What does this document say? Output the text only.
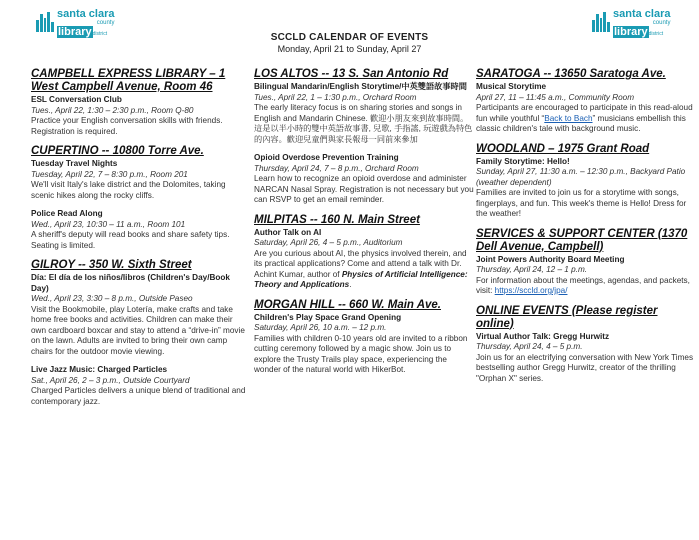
santa clara
county
librarydistrict
santa clara
county
librarydistrict
SCCLD CALENDAR OF EVENTS
Monday, April 21 to Sunday, April 27
CAMPBELL EXPRESS LIBRARY – 1 West Campbell Avenue, Room 46
ESL Conversation Club
Tues., April 22, 1:30 – 2:30 p.m., Room Q-80
Practice your English conversation skills with friends. Registration is required.
CUPERTINO -- 10800 Torre Ave.
Tuesday Travel Nights
Tuesday, April 22, 7 – 8:30 p.m., Room 201
We'll visit Italy's lake district and the Dolomites, taking scenic hikes along the rocky cliffs.
Police Read Along
Wed., April 23, 10:30 – 11 a.m., Room 101
A sheriff's deputy will read books and share safety tips. Seating is limited.
GILROY -- 350 W. Sixth Street
Día: El día de los niños/libros (Children's Day/Book Day)
Wed., April 23, 3:30 – 8 p.m., Outside Paseo
Visit the Bookmobile, play Lotería, make crafts and take home free books and activities. Children can make their own cardboard boxcar and stay to attend a “drive-in” movie on the lawn. Adults are invited to bring their own camp chairs for the outdoor movie viewing.
Live Jazz Music: Charged Particles
Sat., April 26, 2 – 3 p.m., Outside Courtyard
Charged Particles delivers a unique blend of traditional and contemporary jazz.
LOS ALTOS -- 13 S. San Antonio Rd
Bilingual Mandarin/English Storytime/中英雙語故事時間
Tues., April 22, 1 – 1:30 p.m., Orchard Room
The early literacy focus is on sharing stories and songs in English and Mandarin Chinese. 歡迎小朋友來到故事時間。這是以半小時的雙中英語故事書, 兒歌, 手指謠, 玩遊戲為特色的內容。歡迎兒童們與家長報母一同前來參加
Opioid Overdose Prevention Training
Thursday, April 24, 7 – 8 p.m., Orchard Room
Learn how to recognize an opioid overdose and administer NARCAN Nasal Spray. Registration is not necessary but you can RSVP to get an email reminder.
MILPITAS -- 160 N. Main Street
Author Talk on AI
Saturday, April 26, 4 – 5 p.m., Auditorium
Are you curious about AI, the physics involved therein, and its practical applications? Come and attend a talk with Dr. Achint Kumar, author of Physics of Artificial Intelligence: Theory and Applications.
MORGAN HILL -- 660 W. Main Ave.
Children's Play Space Grand Opening
Saturday, April 26, 10 a.m. – 12 p.m.
Families with children 0-10 years old are invited to a ribbon cutting ceremony followed by a magic show. Join us to explore the Trusty Trails play space, experiencing the wonder of the natural world with HikerBot.
SARATOGA -- 13650 Saratoga Ave.
Musical Storytime
April 27, 11 – 11:45 a.m., Community Room
Participants are encouraged to participate in this read-aloud fun while youthful “Back to Bach” musicians embellish this classic children's tale with background music.
WOODLAND – 1975 Grant Road
Family Storytime: Hello!
Sunday, April 27, 11:30 a.m. – 12:30 p.m., Backyard Patio (weather dependent)
Families are invited to join us for a storytime with songs, fingerplays, and fun. This week's theme is Hello! Dress for the weather!
SERVICES & SUPPORT CENTER (1370 Dell Avenue, Campbell)
Joint Powers Authority Board Meeting
Thursday, April 24, 12 – 1 p.m.
For information about the meetings, agendas, and packets, visit: https://sccld.org/jpa/
ONLINE EVENTS (Please register online)
Virtual Author Talk: Gregg Hurwitz
Thursday, April 24, 4 – 5 p.m.
Join us for an electrifying conversation with New York Times bestselling author Gregg Hurwitz, creator of the thrilling "Orphan X" series.
